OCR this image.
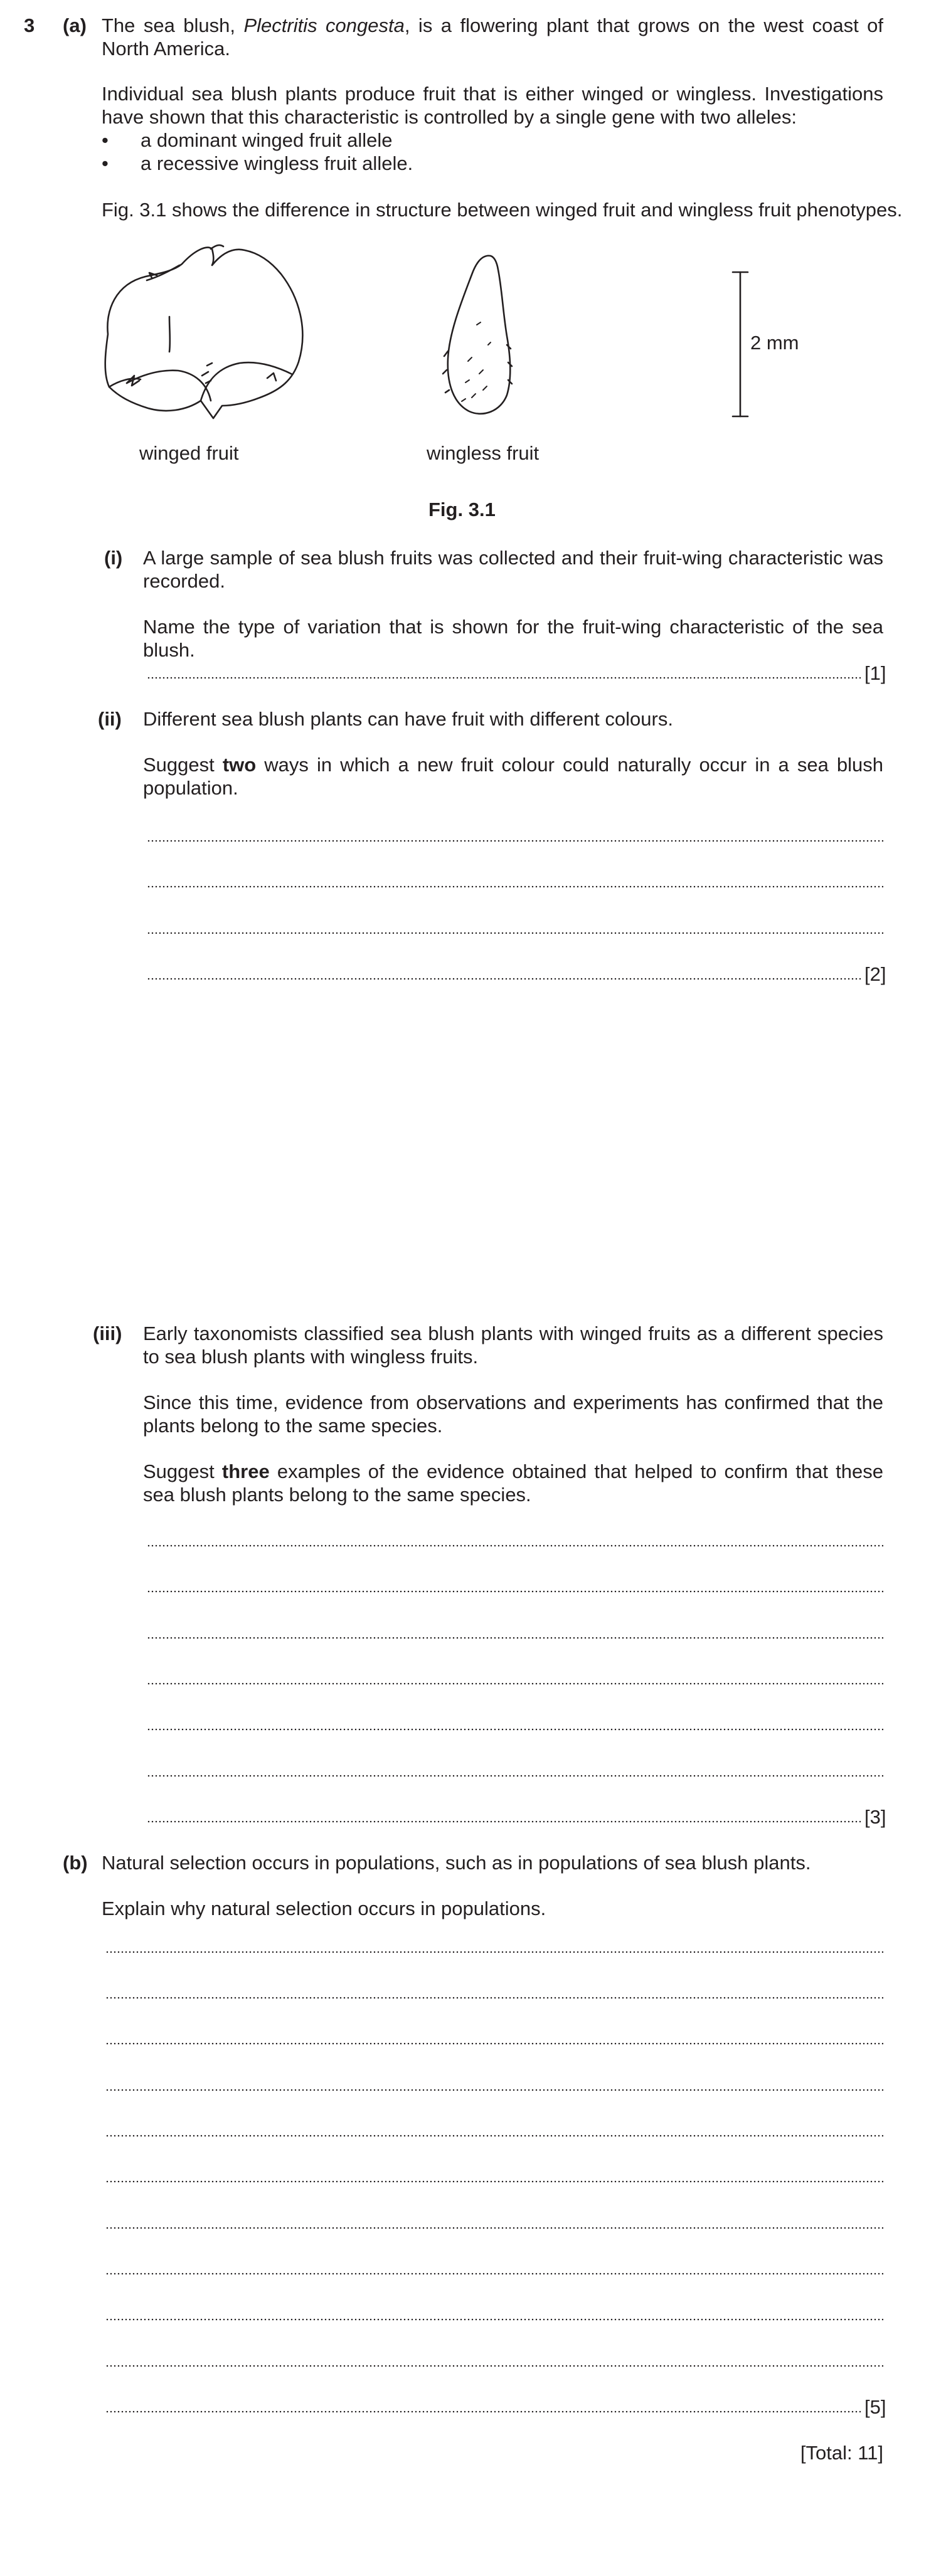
3 (a) The sea blush, Plectritis congesta, is a flowering plant that grows on the west coast of North America.
Individual sea blush plants produce fruit that is either winged or wingless. Investigations have shown that this characteristic is controlled by a single gene with two alleles:
• a dominant winged fruit allele
• a recessive wingless fruit allele.
Fig. 3.1 shows the difference in structure between winged fruit and wingless fruit phenotypes.
2 mm
winged fruit	wingless fruit
Fig. 3.1
(i) A large sample of sea blush fruits was collected and their fruit-wing characteristic was recorded.
Name the type of variation that is shown for the fruit-wing characteristic of the sea blush.
[1]
(ii) Different sea blush plants can have fruit with different colours.
Suggest two ways in which a new fruit colour could naturally occur in a sea blush population.
[2]
(iii) Early taxonomists classified sea blush plants with winged fruits as a different species to sea blush plants with wingless fruits.
Since this time, evidence from observations and experiments has confirmed that the plants belong to the same species.
Suggest three examples of the evidence obtained that helped to confirm that these sea blush plants belong to the same species.
[3]
(b) Natural selection occurs in populations, such as in populations of sea blush plants.
Explain why natural selection occurs in populations.
[5]
[Total: 11]
